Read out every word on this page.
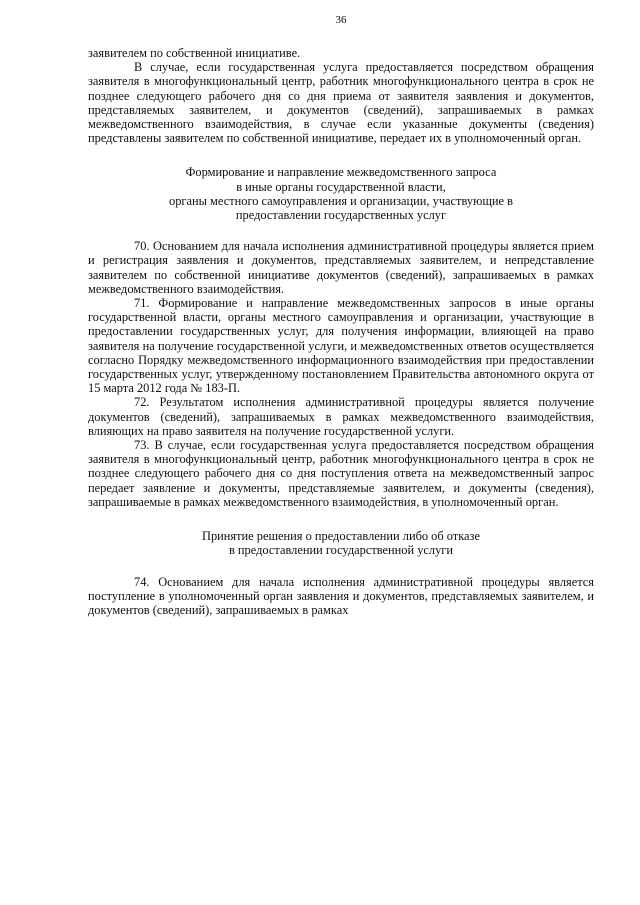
36

заявителем по собственной инициативе.

В случае, если государственная услуга предоставляется посредством обращения заявителя в многофункциональный центр, работник многофункционального центра в срок не позднее следующего рабочего дня со дня приема от заявителя заявления и документов, представляемых заявителем, и документов (сведений), запрашиваемых в рамках межведомственного взаимодействия, в случае если указанные документы (сведения) представлены заявителем по собственной инициативе, передает их в уполномоченный орган.

Формирование и направление межведомственного запроса
в иные органы государственной власти,
органы местного самоуправления и организации, участвующие в
предоставлении государственных услуг

70. Основанием для начала исполнения административной процедуры является прием и регистрация заявления и документов, представляемых заявителем, и непредставление заявителем по собственной инициативе документов (сведений), запрашиваемых в рамках межведомственного взаимодействия.

71. Формирование и направление межведомственных запросов в иные органы государственной власти, органы местного самоуправления и организации, участвующие в предоставлении государственных услуг, для получения информации, влияющей на право заявителя на получение государственной услуги, и межведомственных ответов осуществляется согласно Порядку межведомственного информационного взаимодействия при предоставлении государственных услуг, утвержденному постановлением Правительства автономного округа от 15 марта 2012 года № 183-П.

72. Результатом исполнения административной процедуры является получение документов (сведений), запрашиваемых в рамках межведомственного взаимодействия, влияющих на право заявителя на получение государственной услуги.

73. В случае, если государственная услуга предоставляется посредством обращения заявителя в многофункциональный центр, работник многофункционального центра в срок не позднее следующего рабочего дня со дня поступления ответа на межведомственный запрос передает заявление и документы, представляемые заявителем, и документы (сведения), запрашиваемые в рамках межведомственного взаимодействия, в уполномоченный орган.

Принятие решения о предоставлении либо об отказе
в предоставлении государственной услуги

74. Основанием для начала исполнения административной процедуры является поступление в уполномоченный орган заявления и документов, представляемых заявителем, и документов (сведений), запрашиваемых в рамках
